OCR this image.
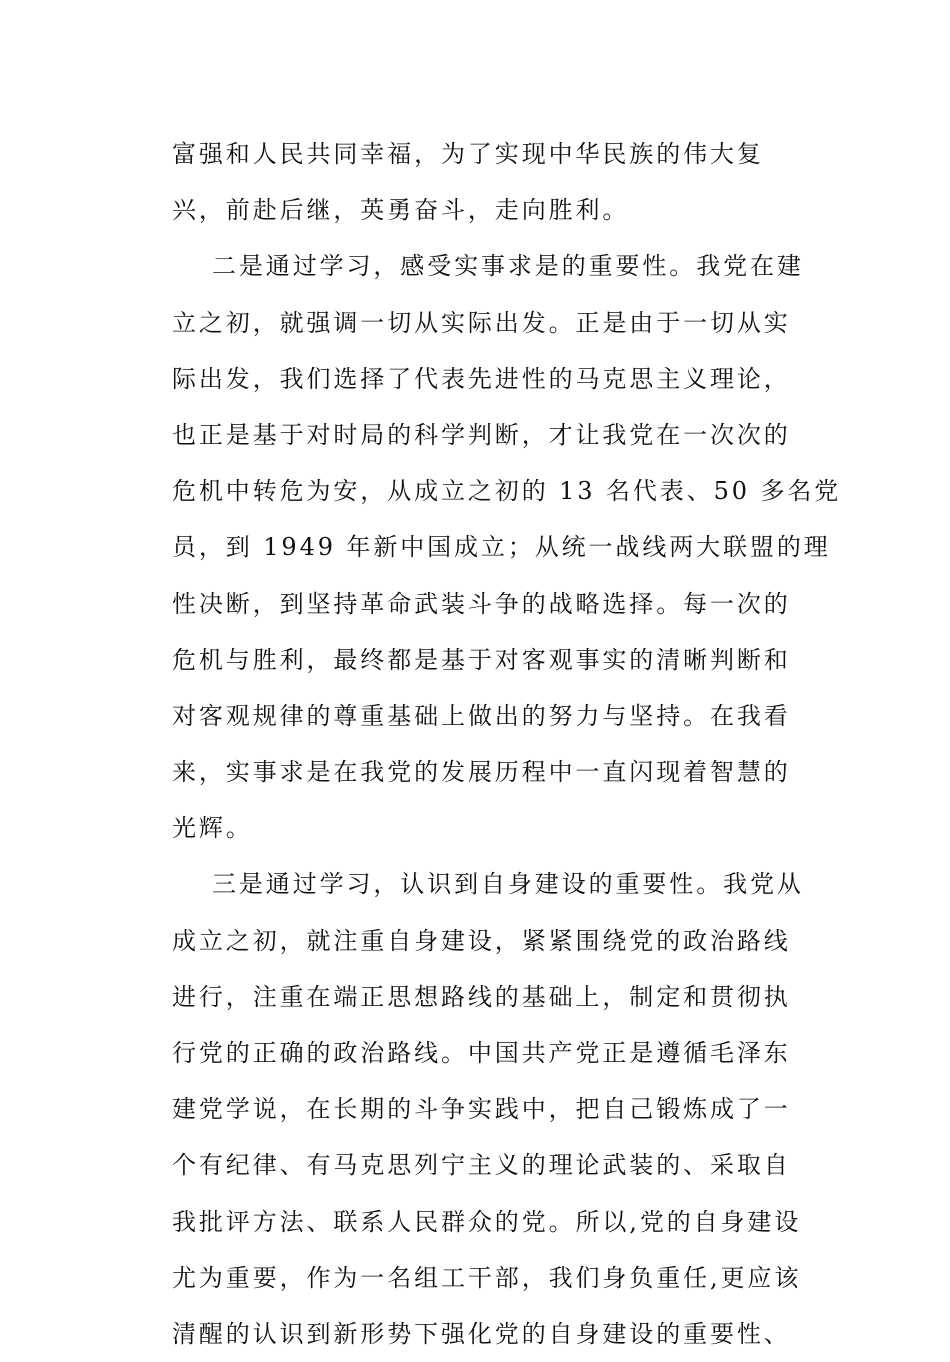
富强和人民共同幸福，为了实现中华民族的伟大复
兴，前赴后继，英勇奋斗，走向胜利。
二是通过学习，感受实事求是的重要性。我党在建
立之初，就强调一切从实际出发。正是由于一切从实
际出发，我们选择了代表先进性的马克思主义理论，
也正是基于对时局的科学判断，才让我党在一次次的
危机中转危为安，从成立之初的 13 名代表、50 多名党
员，到 1949 年新中国成立；从统一战线两大联盟的理
性决断，到坚持革命武装斗争的战略选择。每一次的
危机与胜利，最终都是基于对客观事实的清晰判断和
对客观规律的尊重基础上做出的努力与坚持。在我看
来，实事求是在我党的发展历程中一直闪现着智慧的
光辉。
三是通过学习，认识到自身建设的重要性。我党从
成立之初，就注重自身建设，紧紧围绕党的政治路线
进行，注重在端正思想路线的基础上，制定和贯彻执
行党的正确的政治路线。中国共产党正是遵循毛泽东
建党学说，在长期的斗争实践中，把自己锻炼成了一
个有纪律、有马克思列宁主义的理论武装的、采取自
我批评方法、联系人民群众的党。所以,党的自身建设
尤为重要，作为一名组工干部，我们身负重任,更应该
清醒的认识到新形势下强化党的自身建设的重要性、
